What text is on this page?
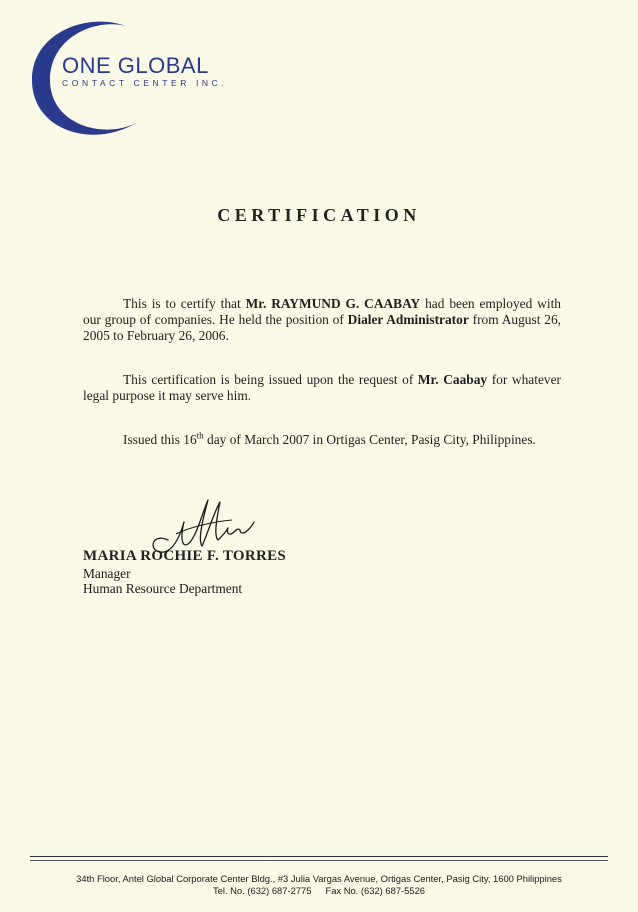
ONE GLOBAL
CONTACT CENTER INC.
CERTIFICATION
This is to certify that Mr. RAYMUND G. CAABAY had been employed with our group of companies. He held the position of Dialer Administrator from August 26, 2005 to February 26, 2006.
This certification is being issued upon the request of Mr. Caabay for whatever legal purpose it may serve him.
Issued this 16th day of March 2007 in Ortigas Center, Pasig City, Philippines.
MARIA ROCHIE F. TORRES
Manager
Human Resource Department
34th Floor, Antel Global Corporate Center Bldg., #3 Julia Vargas Avenue, Ortigas Center, Pasig City, 1600 Philippines
Tel. No. (632) 687-2775 Fax No. (632) 687-5526
